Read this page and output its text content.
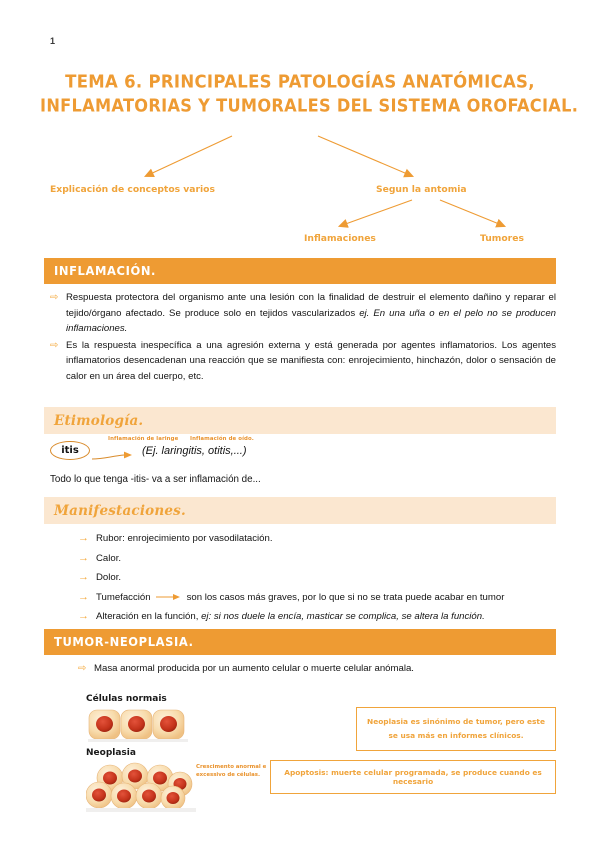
1
TEMA 6. PRINCIPALES PATOLOGÍAS ANATÓMICAS,
INFLAMATORIAS Y TUMORALES DEL SISTEMA OROFACIAL.
Explicación de conceptos varios	Segun la antomia
Inflamaciones	Tumores
INFLAMACIÓN.
⇨ Respuesta protectora del organismo ante una lesión con la finalidad de destruir el elemento dañino y reparar el tejido/órgano afectado. Se produce solo en tejidos vascularizados ej. En una uña o en el pelo no se producen inflamaciones.
⇨ Es la respuesta inespecífica a una agresión externa y está generada por agentes inflamatorios. Los agentes inflamatorios desencadenan una reacción que se manifiesta con: enrojecimiento, hinchazón, dolor o sensación de calor en un área del cuerpo, etc.
Etimología.
itis
Inflamación de laringe Inflamación de oído.
(Ej. laringitis, otitis,...)
Todo lo que tenga -itis- va a ser inflamación de...
Manifestaciones.
→ Rubor: enrojecimiento por vasodilatación.
→ Calor.
→ Dolor.
→ Tumefacción	son los casos más graves, por lo que si no se trata puede acabar en tumor
→ Alteración en la función, ej: si nos duele la encía, masticar se complica, se altera la función.
TUMOR-NEOPLASIA.
⇨ Masa anormal producida por un aumento celular o muerte celular anómala.
Células normais
Neoplasia
Crescimento anormal e excessivo de células.
Neoplasia es sinónimo de tumor, pero este se usa más en informes clínicos.
Apoptosis: muerte celular programada, se produce cuando es necesario
